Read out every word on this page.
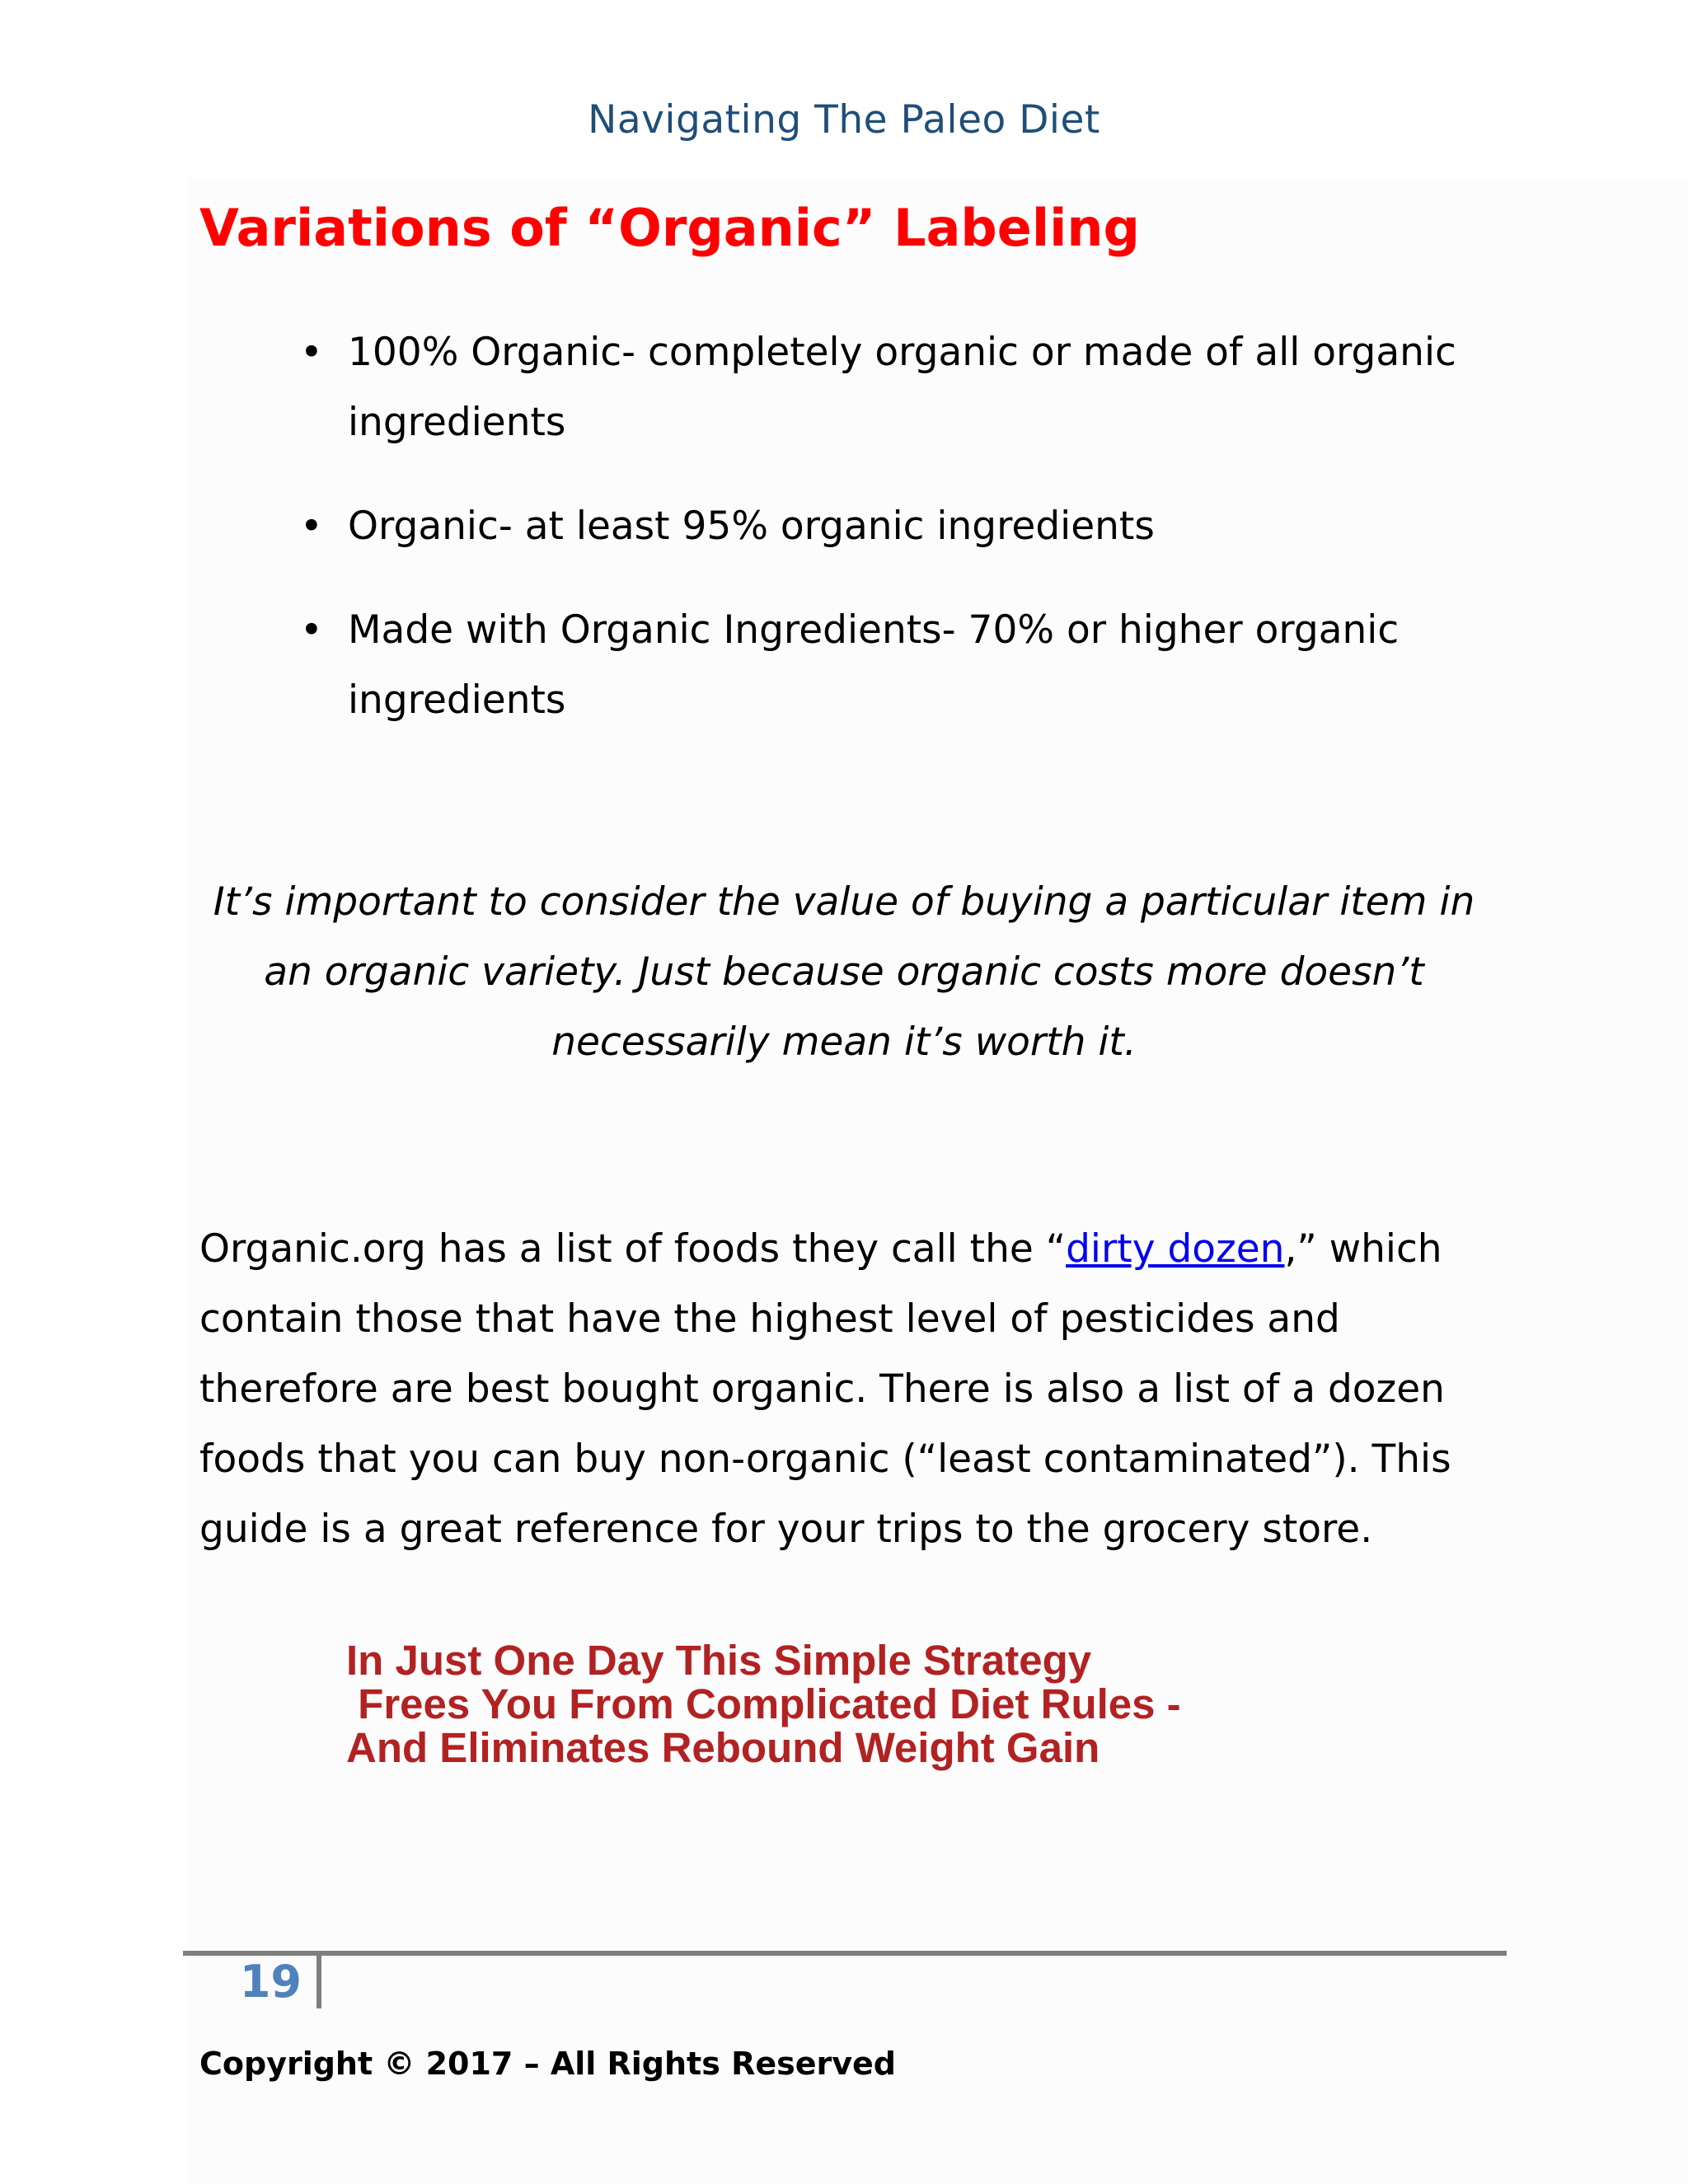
Navigating The Paleo Diet
Variations of “Organic” Labeling
• 100% Organic- completely organic or made of all organic ingredients
• Organic- at least 95% organic ingredients
• Made with Organic Ingredients- 70% or higher organic ingredients
It’s important to consider the value of buying a particular item in an organic variety. Just because organic costs more doesn’t necessarily mean it’s worth it.
Organic.org has a list of foods they call the “dirty dozen,” which contain those that have the highest level of pesticides and therefore are best bought organic. There is also a list of a dozen foods that you can buy non-organic (“least contaminated”). This guide is a great reference for your trips to the grocery store.
In Just One Day This Simple Strategy
Frees You From Complicated Diet Rules -
And Eliminates Rebound Weight Gain
19
Copyright © 2017 – All Rights Reserved
